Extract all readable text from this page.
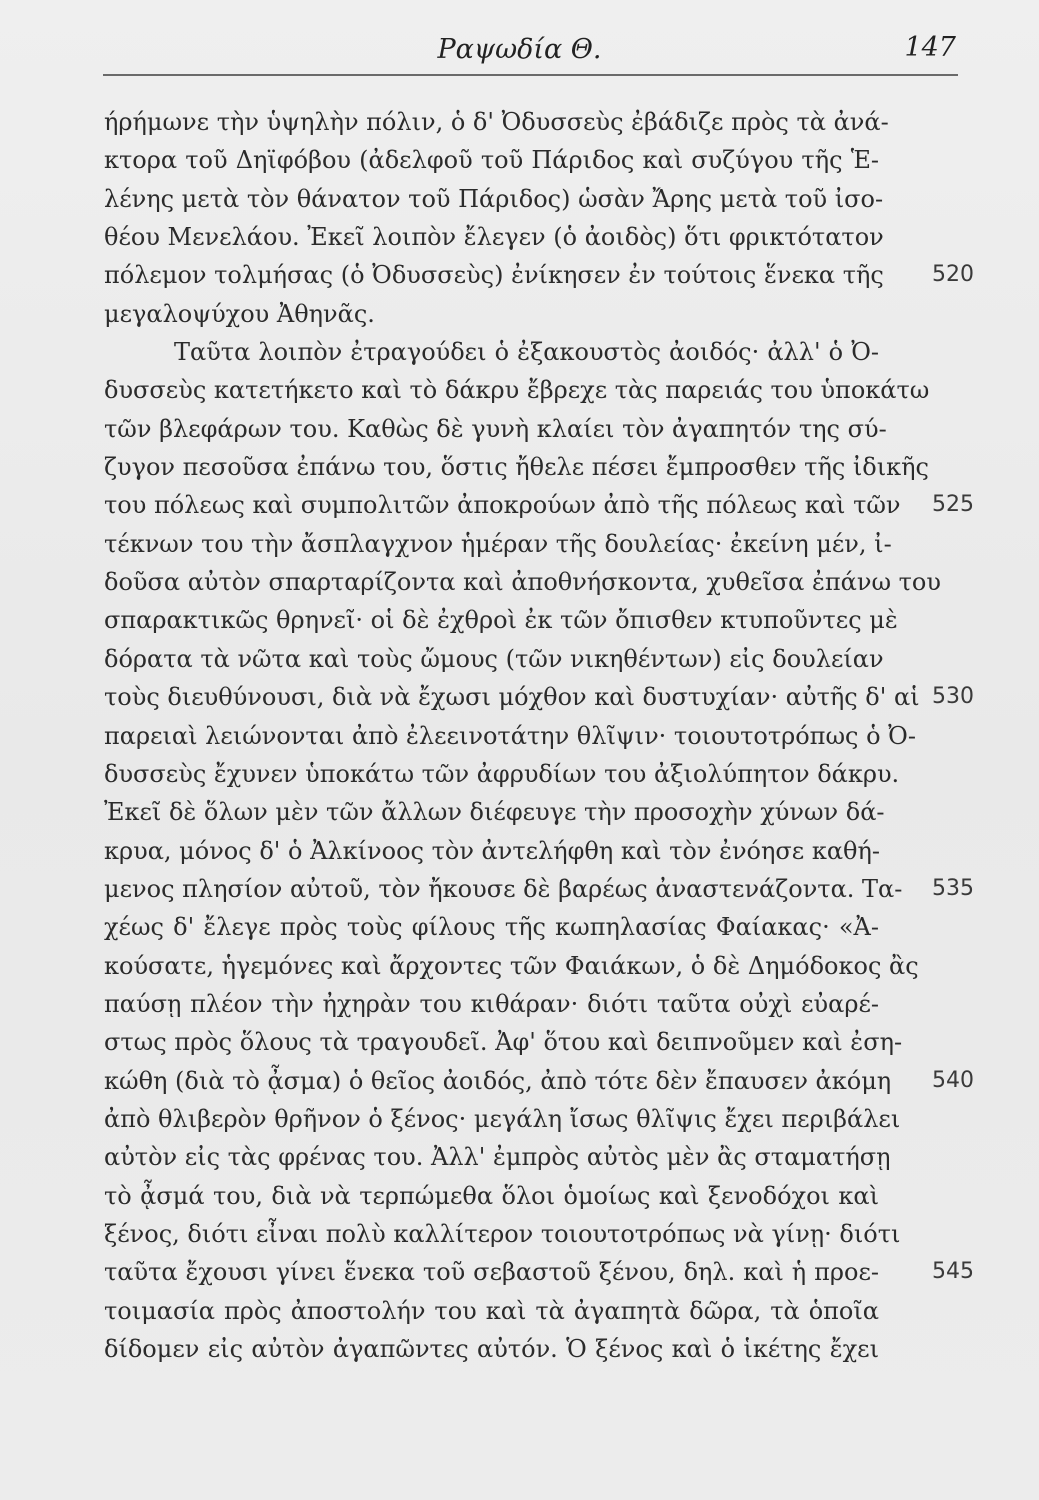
Ραψωδία Θ.	147
ήρήμωνε τὴν ὑψηλὴν πόλιν, ὁ δ' Ὀδυσσεὺς ἐβάδιζε πρὸς τὰ ἀνά-
κτορα τοῦ Δηϊφόβου (ἀδελφοῦ τοῦ Πάριδος καὶ συζύγου τῆς Ἑ-
λένης μετὰ τὸν θάνατον τοῦ Πάριδος) ὡσὰν Ἄρης μετὰ τοῦ ἰσο-
θέου Μενελάου. Ἐκεῖ λοιπὸν ἔλεγεν (ὁ ἀοιδὸς) ὅτι φρικτότατον
πόλεμον τολμήσας (ὁ Ὀδυσσεὺς) ἐνίκησεν ἐν τούτοις ἕνεκα τῆς	520
μεγαλοψύχου Ἀθηνᾶς.
Ταῦτα λοιπὸν ἐτραγούδει ὁ ἐξακουστὸς ἀοιδός· ἀλλ' ὁ Ὀ-
δυσσεὺς κατετήκετο καὶ τὸ δάκρυ ἔβρεχε τὰς παρειάς του ὑποκάτω
τῶν βλεφάρων του. Καθὼς δὲ γυνὴ κλαίει τὸν ἀγαπητόν της σύ-
ζυγον πεσοῦσα ἐπάνω του, ὅστις ἤθελε πέσει ἔμπροσθεν τῆς ἰδικῆς
του πόλεως καὶ συμπολιτῶν ἀποκρούων ἀπὸ τῆς πόλεως καὶ τῶν	525
τέκνων του τὴν ἄσπλαγχνον ἡμέραν τῆς δουλείας· ἐκείνη μέν, ἰ-
δοῦσα αὐτὸν σπαρταρίζοντα καὶ ἀποθνήσκοντα, χυθεῖσα ἐπάνω του
σπαρακτικῶς θρηνεῖ· οἱ δὲ ἐχθροὶ ἐκ τῶν ὄπισθεν κτυποῦντες μὲ
δόρατα τὰ νῶτα καὶ τοὺς ὤμους (τῶν νικηθέντων) εἰς δουλείαν
τοὺς διευθύνουσι, διὰ νὰ ἔχωσι μόχθον καὶ δυστυχίαν· αὐτῆς δ' αἱ 530
παρειαὶ λειώνονται ἀπὸ ἐλεεινοτάτην θλῖψιν· τοιουτοτρόπως ὁ Ὀ-
δυσσεὺς ἔχυνεν ὑποκάτω τῶν ἀφρυδίων του ἀξιολύπητον δάκρυ.
Ἐκεῖ δὲ ὅλων μὲν τῶν ἄλλων διέφευγε τὴν προσοχὴν χύνων δά-
κρυα, μόνος δ' ὁ Ἀλκίνοος τὸν ἀντελήφθη καὶ τὸν ἐνόησε καθή-
μενος πλησίον αὐτοῦ, τὸν ἤκουσε δὲ βαρέως ἀναστενάζοντα. Τα-	535
χέως δ' ἔλεγε πρὸς τοὺς φίλους τῆς κωπηλασίας Φαίακας· «Ἀ-
κούσατε, ἡγεμόνες καὶ ἄρχοντες τῶν Φαιάκων, ὁ δὲ Δημόδοκος ἂς
παύσῃ πλέον τὴν ἠχηρὰν του κιθάραν· διότι ταῦτα οὐχὶ εὐαρέ-
στως πρὸς ὅλους τὰ τραγουδεῖ. Ἀφ' ὅτου καὶ δειπνοῦμεν καὶ ἐση-
κώθη (διὰ τὸ ᾆσμα) ὁ θεῖος ἀοιδός, ἀπὸ τότε δὲν ἔπαυσεν ἀκόμη	540
ἀπὸ θλιβερὸν θρῆνον ὁ ξένος· μεγάλη ἴσως θλῖψις ἔχει περιβάλει
αὐτὸν εἰς τὰς φρένας του. Ἀλλ' ἐμπρὸς αὐτὸς μὲν ἂς σταματήσῃ
τὸ ᾆσμά του, διὰ νὰ τερπώμεθα ὅλοι ὁμοίως καὶ ξενοδόχοι καὶ
ξένος, διότι εἶναι πολὺ καλλίτερον τοιουτοτρόπως νὰ γίνῃ· διότι
ταῦτα ἔχουσι γίνει ἕνεκα τοῦ σεβαστοῦ ξένου, δηλ. καὶ ἡ προε-	545
τοιμασία πρὸς ἀποστολήν του καὶ τὰ ἀγαπητὰ δῶρα, τὰ ὁποῖα
δίδομεν εἰς αὐτὸν ἀγαπῶντες αὐτόν. Ὁ ξένος καὶ ὁ ἱκέτης ἔχει
